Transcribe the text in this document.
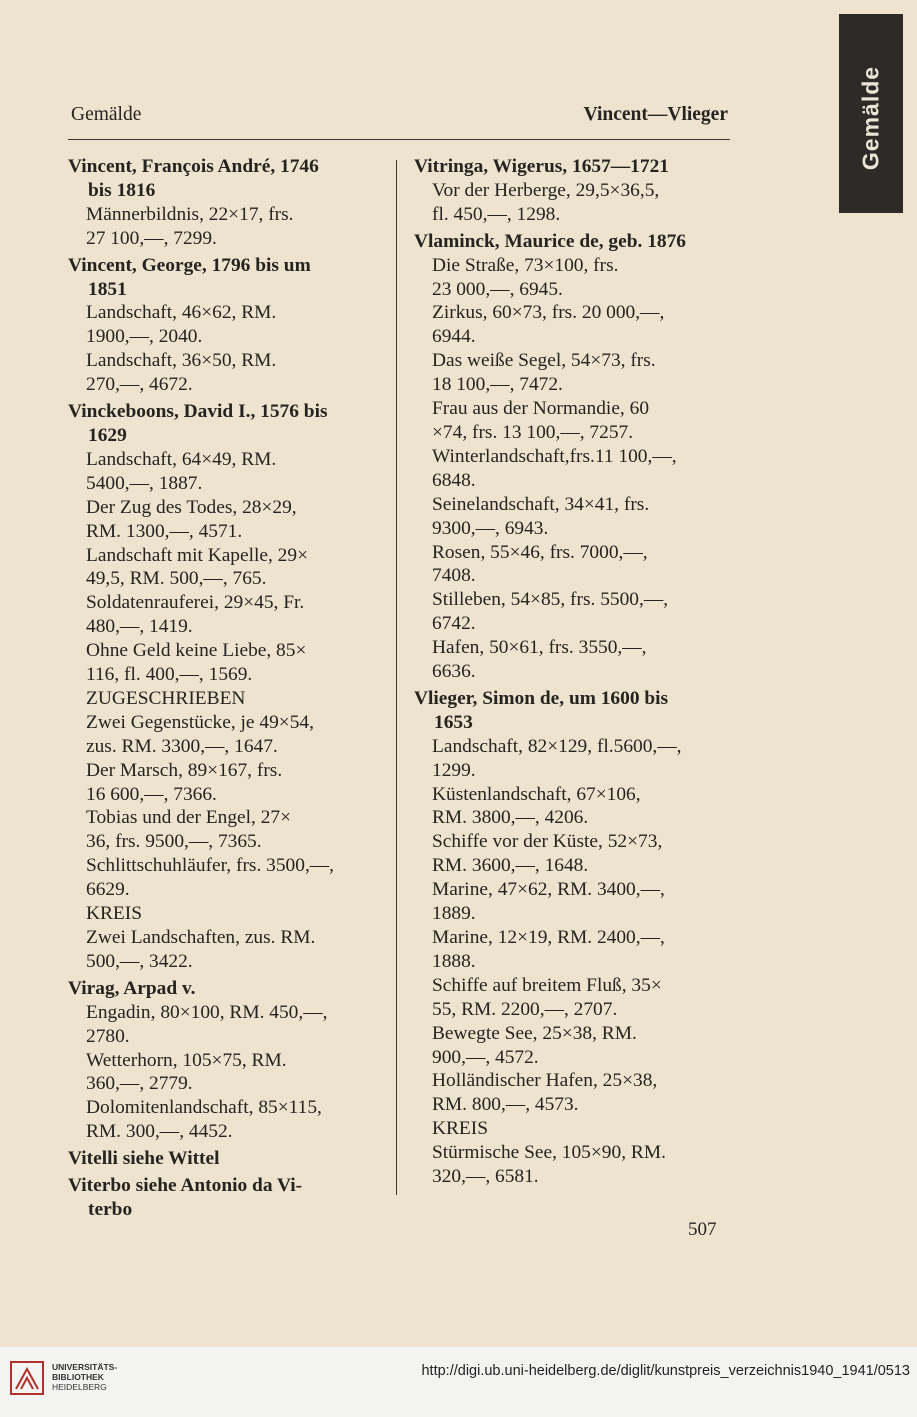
Gemälde
Gemälde	Vincent—Vlieger
Vincent, François André, 1746
bis 1816
Männerbildnis, 22×17, frs.
27 100,—, 7299.
Vincent, George, 1796 bis um
1851
Landschaft, 46×62, RM.
1900,—, 2040.
Landschaft, 36×50, RM.
270,—, 4672.
Vinckeboons, David I., 1576 bis
1629
Landschaft, 64×49, RM.
5400,—, 1887.
Der Zug des Todes, 28×29,
RM. 1300,—, 4571.
Landschaft mit Kapelle, 29×
49,5, RM. 500,—, 765.
Soldatenrauferei, 29×45, Fr.
480,—, 1419.
Ohne Geld keine Liebe, 85×
116, fl. 400,—, 1569.
ZUGESCHRIEBEN
Zwei Gegenstücke, je 49×54,
zus. RM. 3300,—, 1647.
Der Marsch, 89×167, frs.
16 600,—, 7366.
Tobias und der Engel, 27×
36, frs. 9500,—, 7365.
Schlittschuhläufer, frs. 3500,—,
6629.
KREIS
Zwei Landschaften, zus. RM.
500,—, 3422.
Virag, Arpad v.
Engadin, 80×100, RM. 450,—,
2780.
Wetterhorn, 105×75, RM.
360,—, 2779.
Dolomitenlandschaft, 85×115,
RM. 300,—, 4452.
Vitelli siehe Wittel
Viterbo siehe Antonio da Vi-
terbo
Vitringa, Wigerus, 1657—1721
Vor der Herberge, 29,5×36,5,
fl. 450,—, 1298.
Vlaminck, Maurice de, geb. 1876
Die Straße, 73×100, frs.
23 000,—, 6945.
Zirkus, 60×73, frs. 20 000,—,
6944.
Das weiße Segel, 54×73, frs.
18 100,—, 7472.
Frau aus der Normandie, 60
×74, frs. 13 100,—, 7257.
Winterlandschaft,frs.11 100,—,
6848.
Seinelandschaft, 34×41, frs.
9300,—, 6943.
Rosen, 55×46, frs. 7000,—,
7408.
Stilleben, 54×85, frs. 5500,—,
6742.
Hafen, 50×61, frs. 3550,—,
6636.
Vlieger, Simon de, um 1600 bis
1653
Landschaft, 82×129, fl.5600,—,
1299.
Küstenlandschaft, 67×106,
RM. 3800,—, 4206.
Schiffe vor der Küste, 52×73,
RM. 3600,—, 1648.
Marine, 47×62, RM. 3400,—,
1889.
Marine, 12×19, RM. 2400,—,
1888.
Schiffe auf breitem Fluß, 35×
55, RM. 2200,—, 2707.
Bewegte See, 25×38, RM.
900,—, 4572.
Holländischer Hafen, 25×38,
RM. 800,—, 4573.
KREIS
Stürmische See, 105×90, RM.
320,—, 6581.
507
UNIVERSITÄTS-
BIBLIOTHEK
HEIDELBERG
http://digi.ub.uni-heidelberg.de/diglit/kunstpreis_verzeichnis1940_1941/0513
